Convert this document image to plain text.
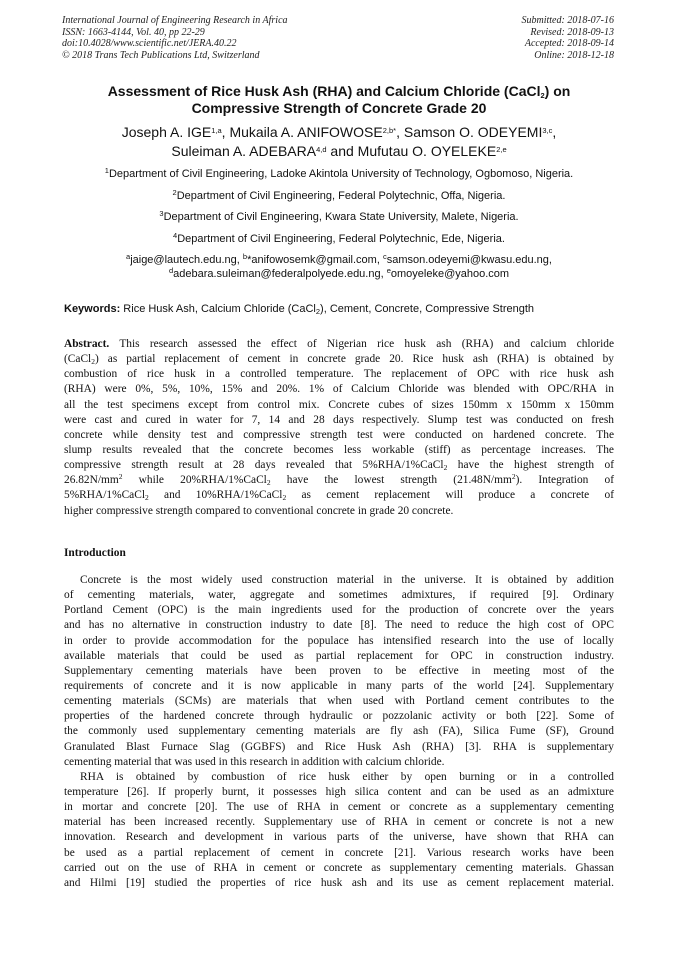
International Journal of Engineering Research in Africa
ISSN: 1663-4144, Vol. 40, pp 22-29
doi:10.4028/www.scientific.net/JERA.40.22
© 2018 Trans Tech Publications Ltd, Switzerland
Submitted: 2018-07-16
Revised: 2018-09-13
Accepted: 2018-09-14
Online: 2018-12-18
Assessment of Rice Husk Ash (RHA) and Calcium Chloride (CaCl$_2$) on
Compressive Strength of Concrete Grade 20
Joseph A. IGE$^{1,a}$, Mukaila A. $ANIFOWOSE^{2,b*}$, Samson O. ODEYEMI$^{3,c}$,
Suleiman A. ADEBARA$^{4,d}$ and Mufutau O. OYELEKE$^{2,e}$
$^1$Department of Civil Engineering, Ladoke Akintola University of Technology, Ogbomoso, Nigeria.
$^2$Department of Civil Engineering, Federal Polytechnic, Offa, Nigeria.
$^3$Department of Civil Engineering, Kwara State University, Malete, Nigeria.
$^4$Department of Civil Engineering, Federal Polytechnic, Ede, Nigeria.
$^a$jaige@lautech.edu.ng, $^b$*anifowosemk@gmail.com, $^c$samson.odeyemi@kwasu.edu.ng,
$^d$adebara.suleiman@federalpolyede.edu.ng, $^e$omoyeleke@yahoo.com
Keywords: Rice Husk Ash, Calcium Chloride (CaCl$_2$), Cement, Concrete, Compressive Strength
Abstract. This research assessed the effect of Nigerian rice husk ash (RHA) and calcium chloride
(CaCl$_2$) as partial replacement of cement in concrete grade 20. Rice husk ash (RHA) is obtained by
combustion of rice husk in a controlled temperature. The replacement of OPC with rice husk ash
(RHA) were 0%, 5%, 10%, 15% and 20%. 1% of Calcium Chloride was blended with OPC/RHA in
all the test specimens except from control mix. Concrete cubes of sizes 150mm x 150mm x 150mm
were cast and cured in water for 7, 14 and 28 days respectively. Slump test was conducted on fresh
concrete while density test and compressive strength test were conducted on hardened concrete. The
slump results revealed that the concrete becomes less workable (stiff) as percentage increases. The
compressive strength result at 28 days revealed that 5%RHA/1%CaCl$_2$ have the highest strength of
$26.82N/mm^2$ while 20%RHA/1%CaCl$_2$ have the lowest strength $(21.48N/mm^2)$. Integration of
5%RHA/1%CaCl$_2$ and 10%RHA/1%CaCl$_2$ as cement replacement will produce a concrete of
higher compressive strength compared to conventional concrete in grade 20 concrete.
Introduction
Concrete is the most widely used construction material in the universe. It is obtained by addition
of cementing materials, water, aggregate and sometimes admixtures, if required [9]. Ordinary
Portland Cement (OPC) is the main ingredients used for the production of concrete over the years
and has no alternative in construction industry to date [8]. The need to reduce the high cost of OPC
in order to provide accommodation for the populace has intensified research into the use of locally
available materials that could be used as partial replacement for OPC in construction industry.
Supplementary cementing materials have been proven to be effective in meeting most of the
requirements of concrete and it is now applicable in many parts of the world [24]. Supplementary
cementing materials (SCMs) are materials that when used with Portland cement contributes to the
properties of the hardened concrete through hydraulic or pozzolanic activity or both [22]. Some of
the commonly used supplementary cementing materials are fly ash (FA), Silica Fume (SF), Ground
Granulated Blast Furnace Slag (GGBFS) and Rice Husk Ash (RHA) [3]. RHA is supplementary
cementing material that was used in this research in addition with calcium chloride.
RHA is obtained by combustion of rice husk either by open burning or in a controlled
temperature [26]. If properly burnt, it possesses high silica content and can be used as an admixture
in mortar and concrete [20]. The use of RHA in cement or concrete as a supplementary cementing
material has been increased recently. Supplementary use of RHA in cement or concrete is not a new
innovation. Research and development in various parts of the universe, have shown that RHA can
be used as a partial replacement of cement in concrete [21]. Various research works have been
carried out on the use of RHA in cement or concrete as supplementary cementing materials. Ghassan
and Hilmi [19] studied the properties of rice husk ash and its use as cement replacement material.
